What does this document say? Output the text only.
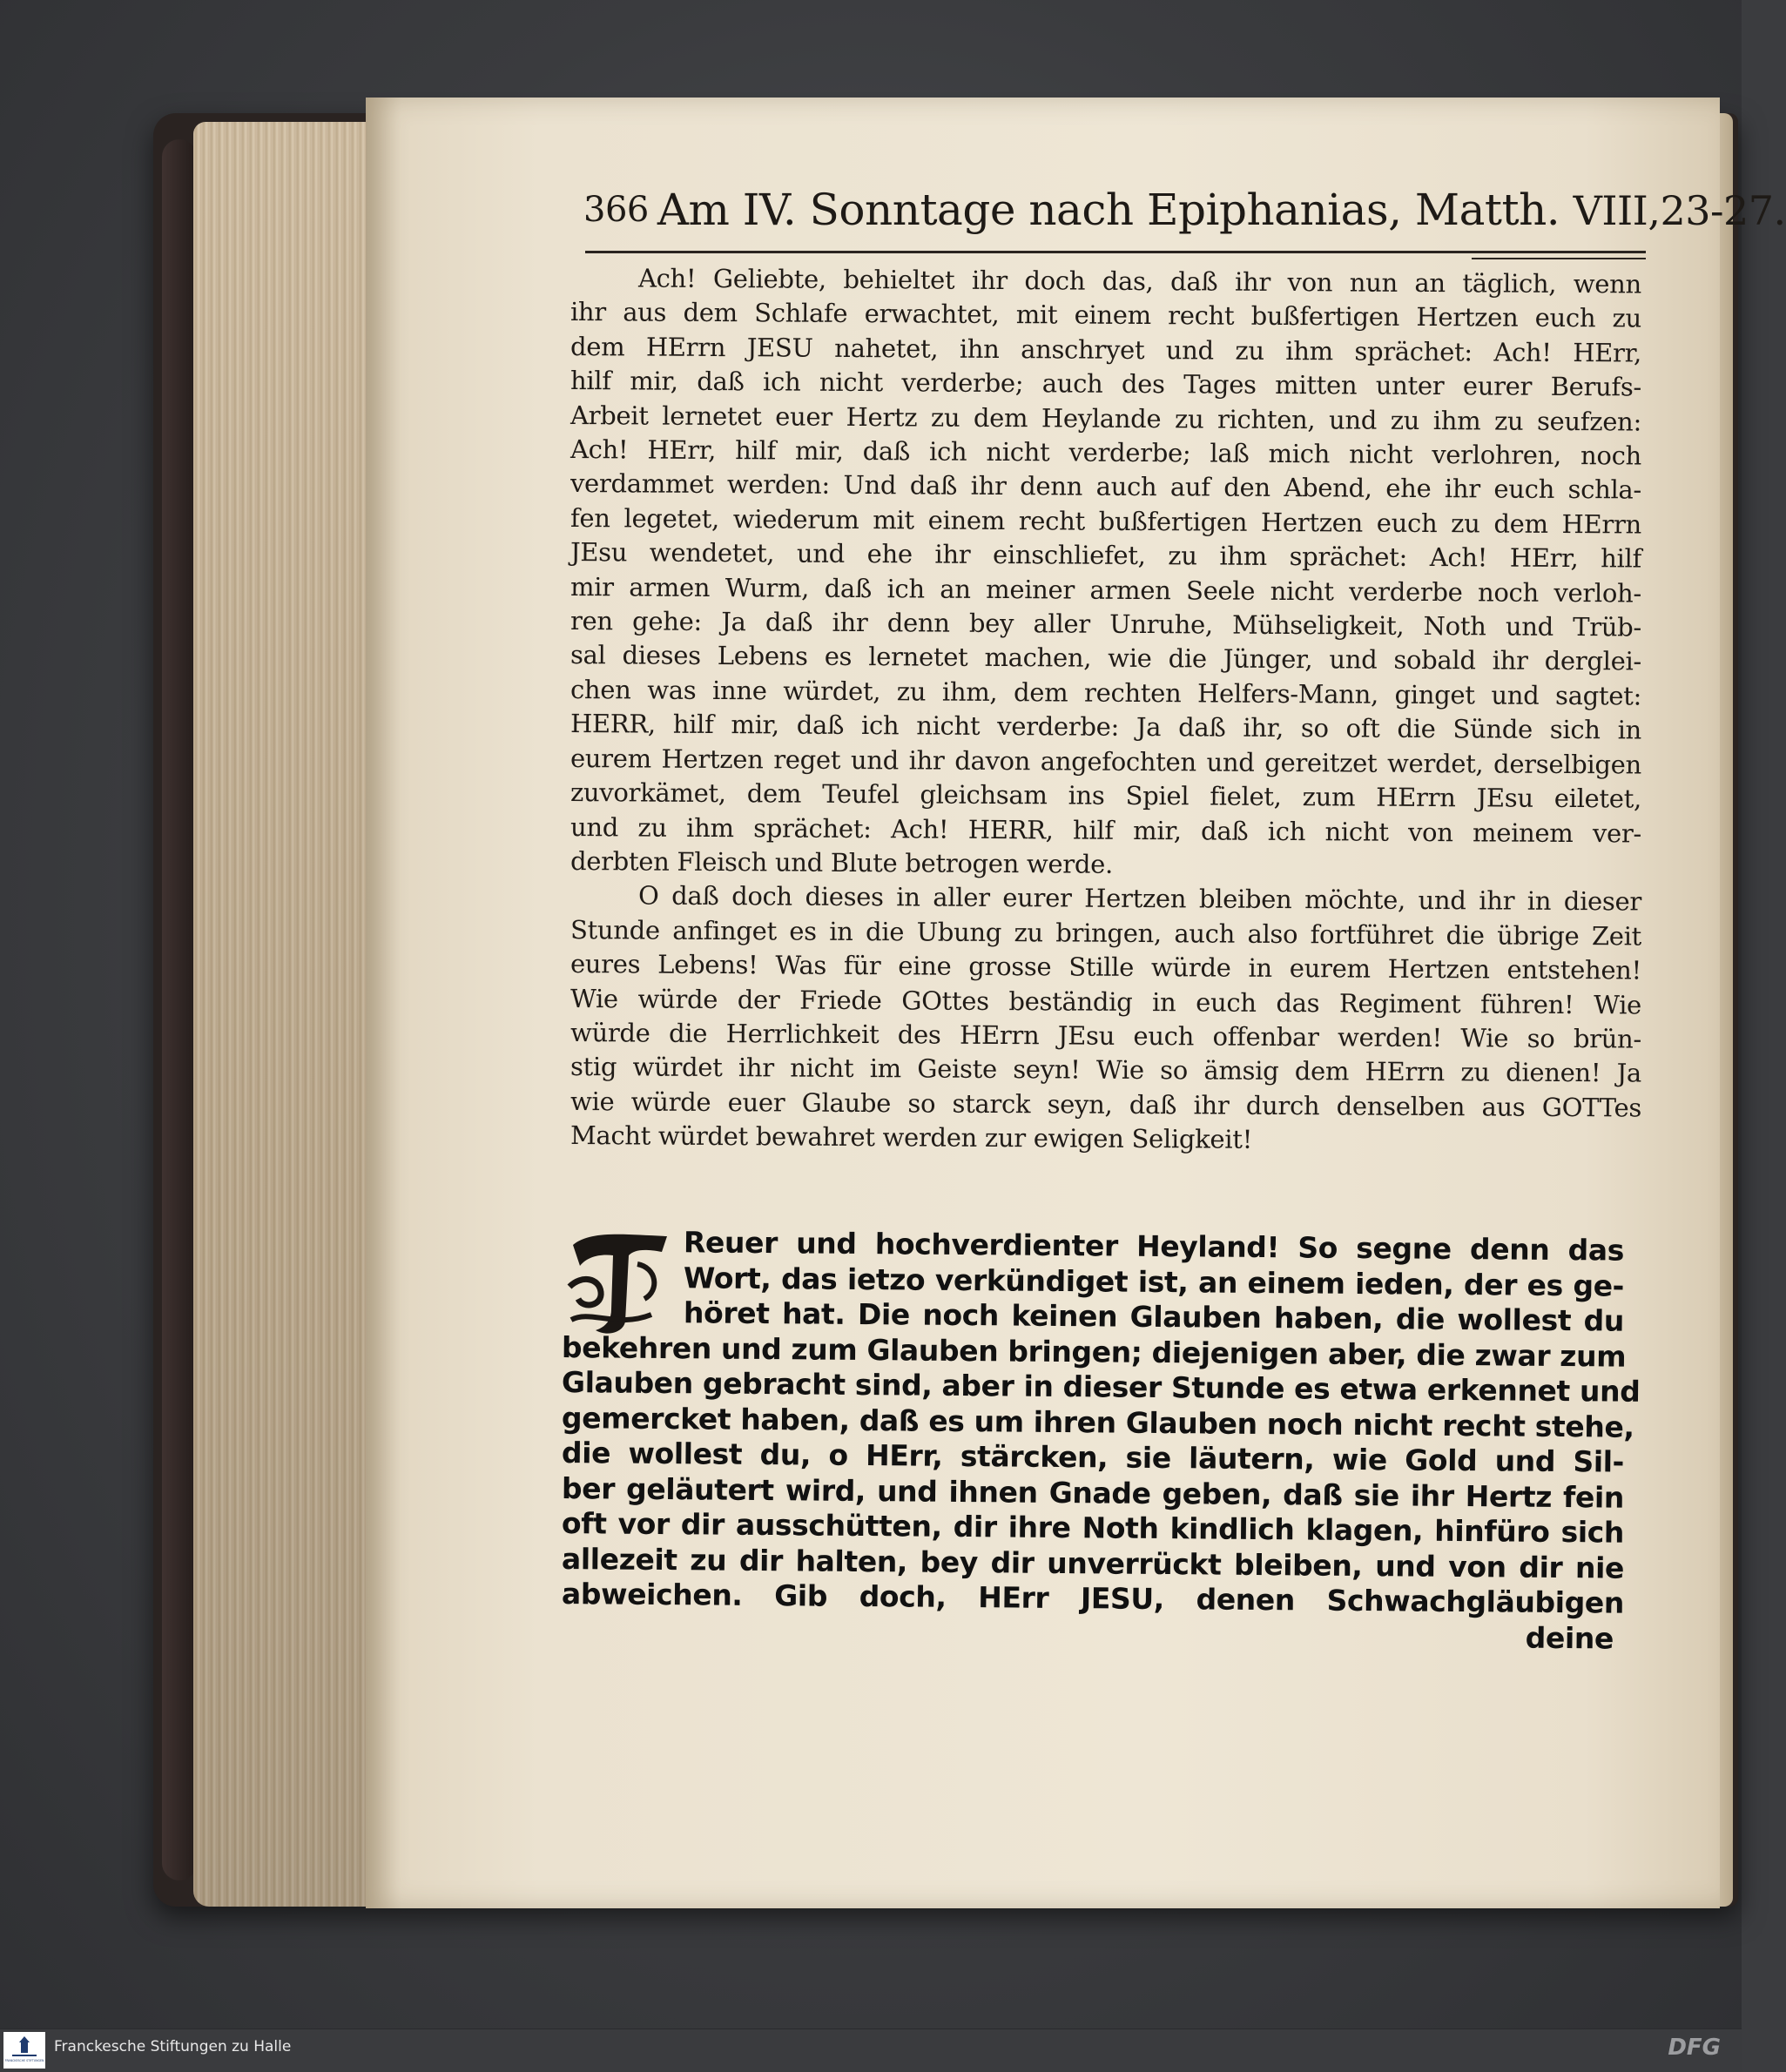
366 Am IV. Sonntage nach Epiphanias, Matth. VIII,23-27.

Ach! Geliebte, behieltet ihr doch das, daß ihr von nun an täglich, wenn

ihr aus dem Schlafe erwachtet, mit einem recht bußfertigen Hertzen euch zu

dem HErrn JESU nahetet, ihn anschryet und zu ihm sprächet: Ach! HErr,

hilf mir, daß ich nicht verderbe; auch des Tages mitten unter eurer Berufs-

Arbeit lernetet euer Hertz zu dem Heylande zu richten, und zu ihm zu seufzen:

Ach! HErr, hilf mir, daß ich nicht verderbe; laß mich nicht verlohren, noch

verdammet werden: Und daß ihr denn auch auf den Abend, ehe ihr euch schla-

fen legetet, wiederum mit einem recht bußfertigen Hertzen euch zu dem HErrn

JEsu wendetet, und ehe ihr einschliefet, zu ihm sprächet: Ach! HErr, hilf

mir armen Wurm, daß ich an meiner armen Seele nicht verderbe noch verloh-

ren gehe: Ja daß ihr denn bey aller Unruhe, Mühseligkeit, Noth und Trüb-

sal dieses Lebens es lernetet machen, wie die Jünger, und sobald ihr derglei-

chen was inne würdet, zu ihm, dem rechten Helfers-Mann, ginget und sagtet:

HERR, hilf mir, daß ich nicht verderbe: Ja daß ihr, so oft die Sünde sich in

eurem Hertzen reget und ihr davon angefochten und gereitzet werdet, derselbigen

zuvorkämet, dem Teufel gleichsam ins Spiel fielet, zum HErrn JEsu eiletet,

und zu ihm sprächet: Ach! HERR, hilf mir, daß ich nicht von meinem ver-

derbten Fleisch und Blute betrogen werde.

O daß doch dieses in aller eurer Hertzen bleiben möchte, und ihr in dieser

Stunde anfinget es in die Ubung zu bringen, auch also fortführet die übrige Zeit

eures Lebens! Was für eine grosse Stille würde in eurem Hertzen entstehen!

Wie würde der Friede GOttes beständig in euch das Regiment führen! Wie

würde die Herrlichkeit des HErrn JEsu euch offenbar werden! Wie so brün-

stig würdet ihr nicht im Geiste seyn! Wie so ämsig dem HErrn zu dienen! Ja

wie würde euer Glaube so starck seyn, daß ihr durch denselben aus GOTTes

Macht würdet bewahret werden zur ewigen Seligkeit!

T	Reuer und hochverdienter Heyland! So segne denn das

Wort, das ietzo verkündiget ist, an einem ieden, der es ge-

höret hat. Die noch keinen Glauben haben, die wollest du

bekehren und zum Glauben bringen; diejenigen aber, die zwar zum

Glauben gebracht sind, aber in dieser Stunde es etwa erkennet und

gemercket haben, daß es um ihren Glauben noch nicht recht stehe,

die wollest du, o HErr, stärcken, sie läutern, wie Gold und Sil-

ber geläutert wird, und ihnen Gnade geben, daß sie ihr Hertz fein

oft vor dir ausschütten, dir ihre Noth kindlich klagen, hinfüro sich

allezeit zu dir halten, bey dir unverrückt bleiben, und von dir nie

abweichen. Gib doch, HErr JESU, denen Schwachgläubigen

deine

FRANCKESCHE STIFTUNGEN
Franckesche Stiftungen zu Halle	DFG
